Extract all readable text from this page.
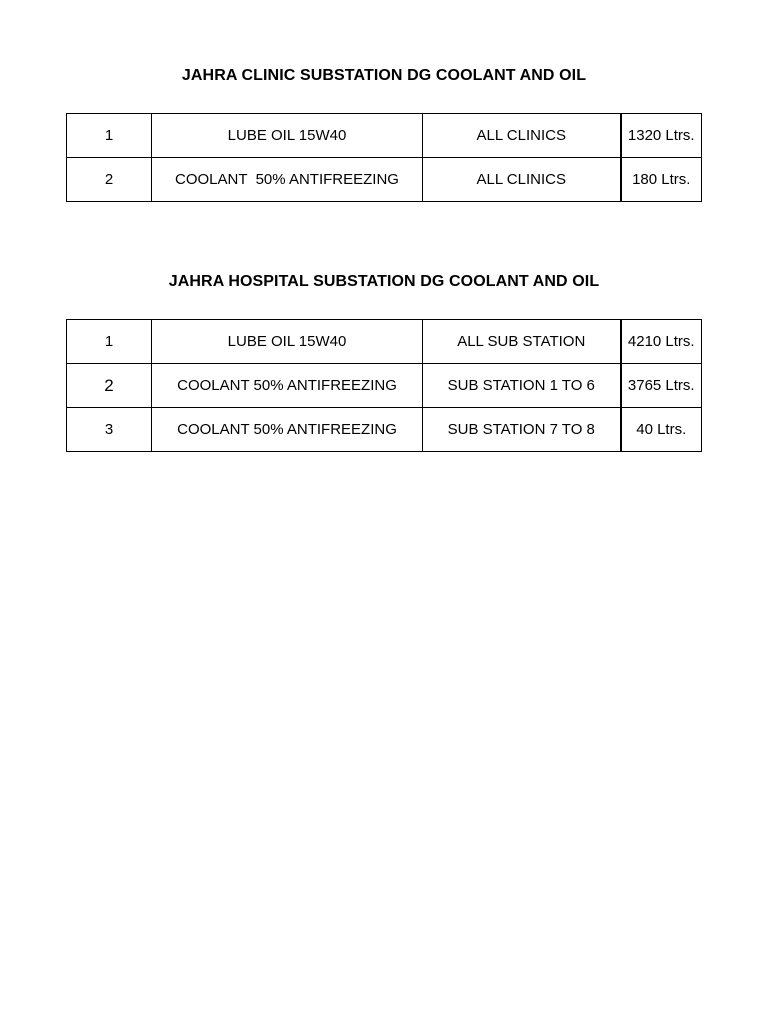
JAHRA CLINIC SUBSTATION DG COOLANT AND OIL
1	LUBE OIL 15W40	ALL CLINICS	1320 Ltrs.
2	COOLANT  50% ANTIFREEZING	ALL CLINICS	180 Ltrs.
JAHRA HOSPITAL SUBSTATION DG COOLANT AND OIL
1	LUBE OIL 15W40	ALL SUB STATION	4210 Ltrs.
2	COOLANT 50% ANTIFREEZING	SUB STATION 1 TO 6	3765 Ltrs.
3	COOLANT 50% ANTIFREEZING	SUB STATION 7 TO 8	40 Ltrs.
